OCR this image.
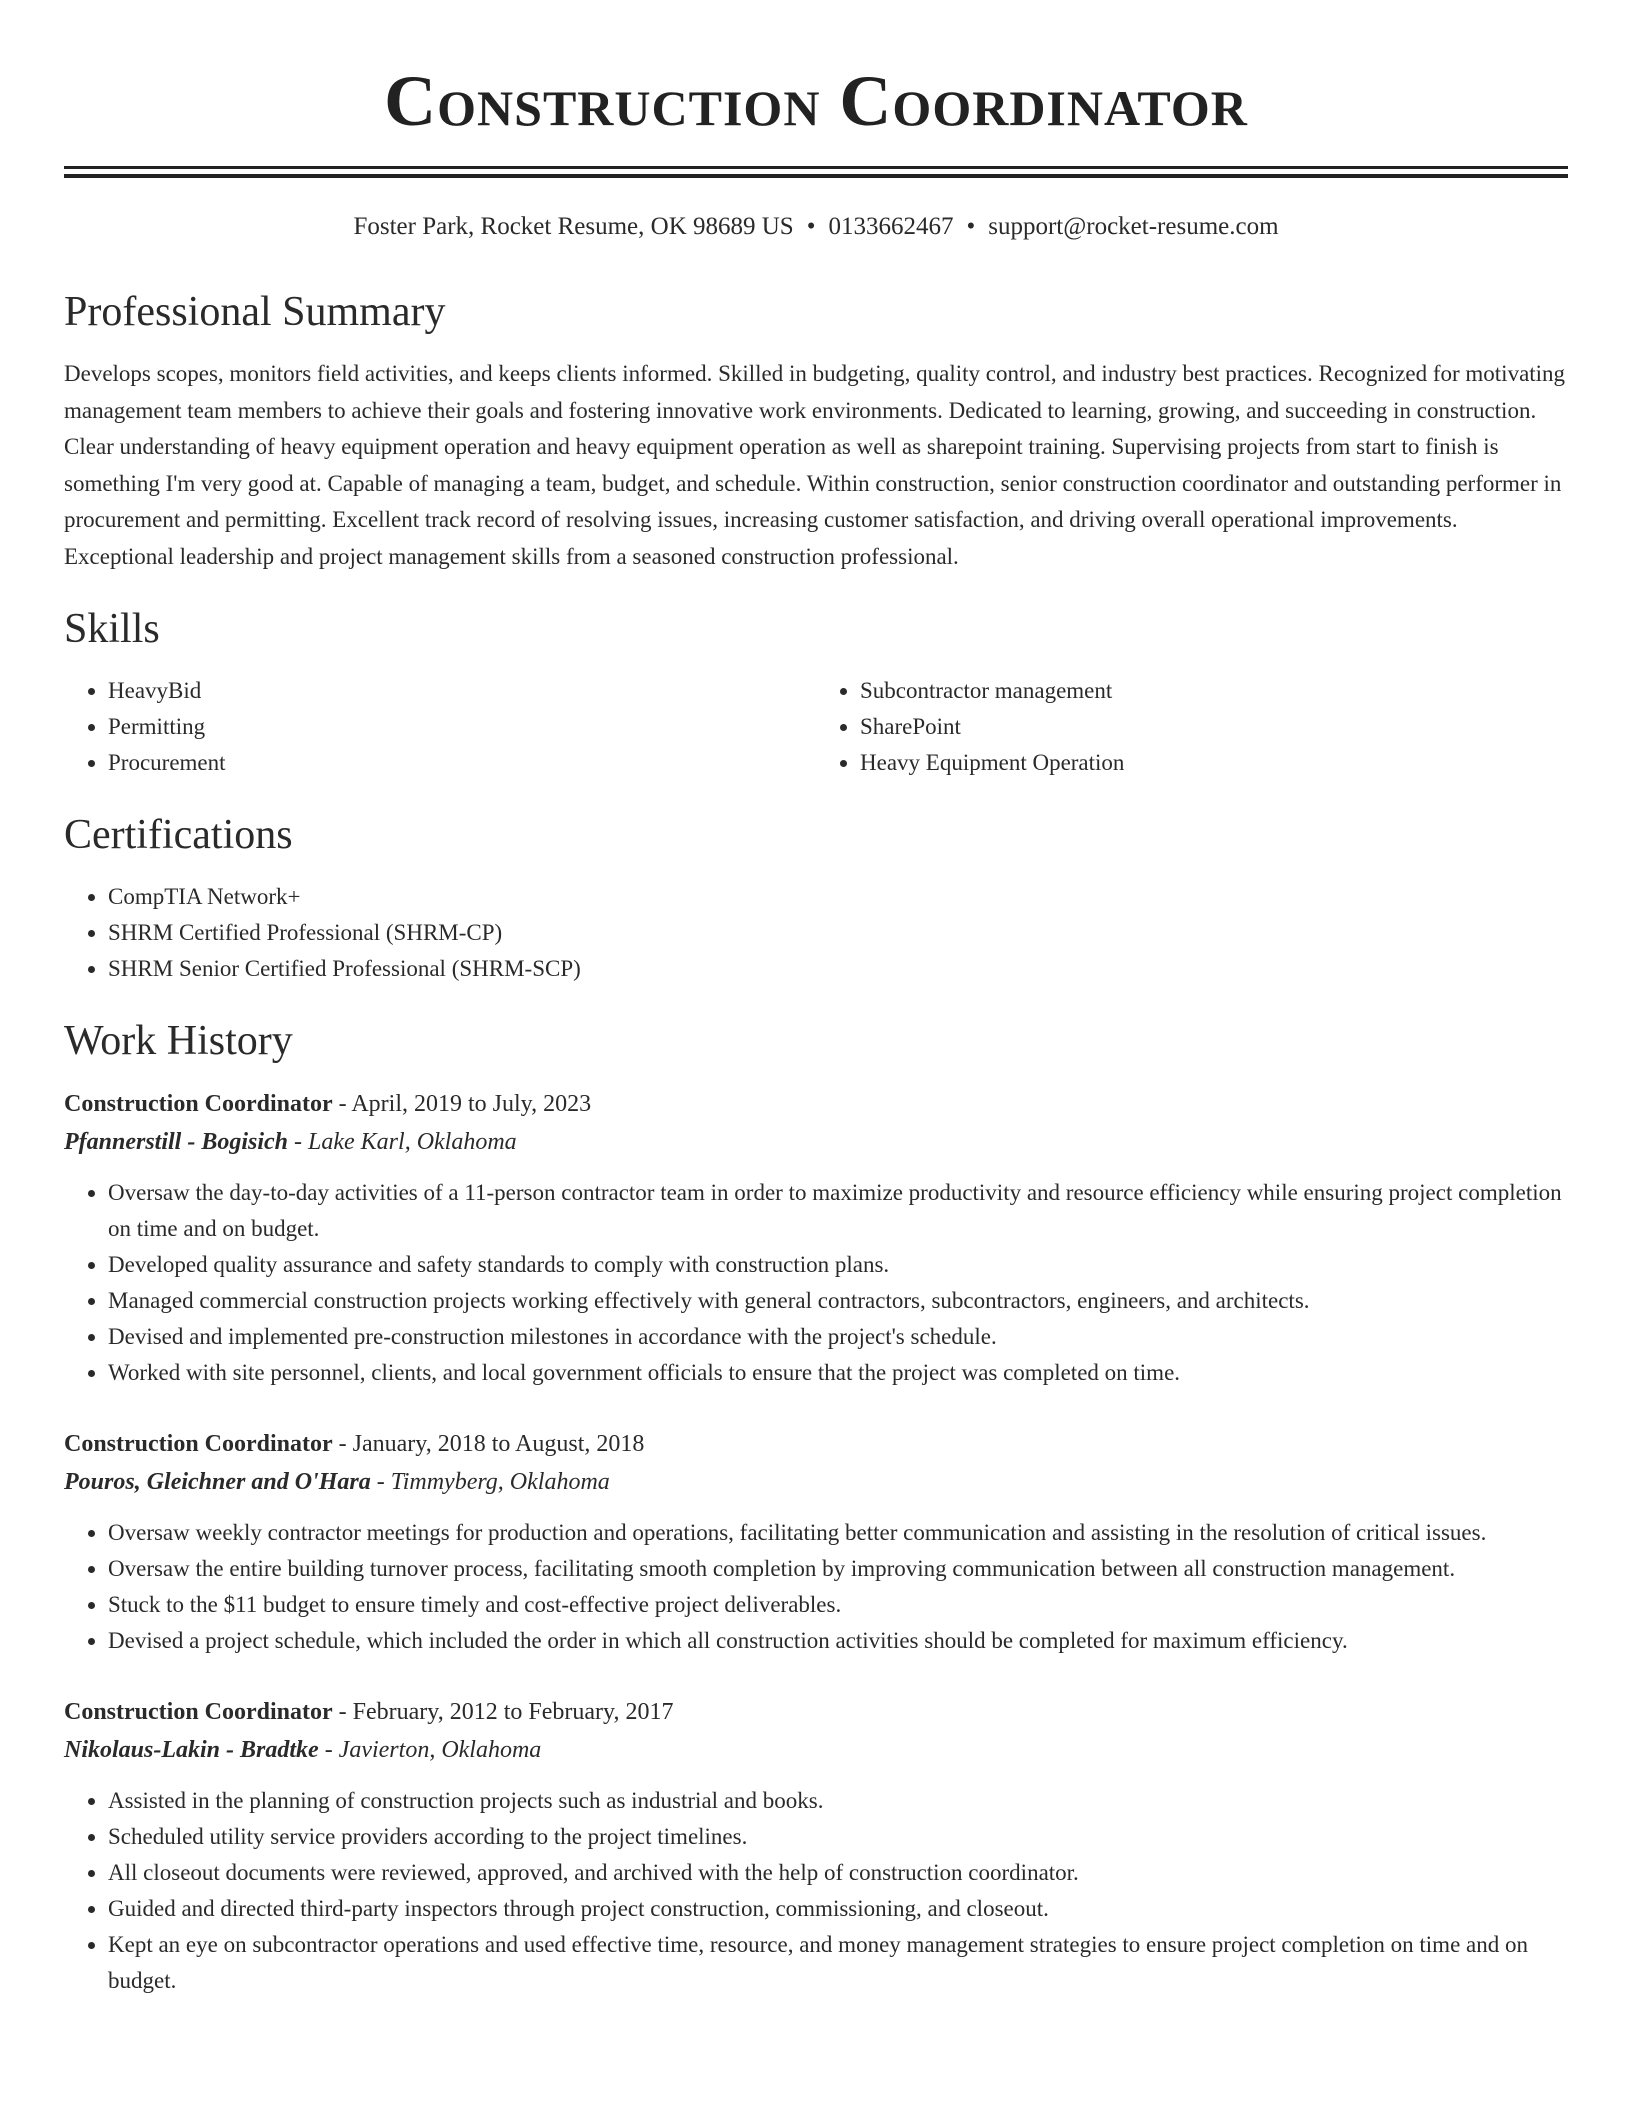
Construction Coordinator
Foster Park, Rocket Resume, OK 98689 US • 0133662467 • support@rocket-resume.com
Professional Summary

Develops scopes, monitors field activities, and keeps clients informed. Skilled in budgeting, quality control, and industry best practices. Recognized for motivating management team members to achieve their goals and fostering innovative work environments. Dedicated to learning, growing, and succeeding in construction. Clear understanding of heavy equipment operation and heavy equipment operation as well as sharepoint training. Supervising projects from start to finish is something I'm very good at. Capable of managing a team, budget, and schedule. Within construction, senior construction coordinator and outstanding performer in procurement and permitting. Excellent track record of resolving issues, increasing customer satisfaction, and driving overall operational improvements. Exceptional leadership and project management skills from a seasoned construction professional.

Skills
• HeavyBid
• Permitting
• Procurement
• Subcontractor management
• SharePoint
• Heavy Equipment Operation
Certifications
• CompTIA Network+
• SHRM Certified Professional (SHRM-CP)
• SHRM Senior Certified Professional (SHRM-SCP)
Work History
Construction Coordinator - April, 2019 to July, 2023
Pfannerstill - Bogisich - Lake Karl, Oklahoma
• Oversaw the day-to-day activities of a 11-person contractor team in order to maximize productivity and resource efficiency while ensuring project completion on time and on budget.
• Developed quality assurance and safety standards to comply with construction plans.
• Managed commercial construction projects working effectively with general contractors, subcontractors, engineers, and architects.
• Devised and implemented pre-construction milestones in accordance with the project's schedule.
• Worked with site personnel, clients, and local government officials to ensure that the project was completed on time.
Construction Coordinator - January, 2018 to August, 2018
Pouros, Gleichner and O'Hara - Timmyberg, Oklahoma
• Oversaw weekly contractor meetings for production and operations, facilitating better communication and assisting in the resolution of critical issues.
• Oversaw the entire building turnover process, facilitating smooth completion by improving communication between all construction management.
• Stuck to the $11 budget to ensure timely and cost-effective project deliverables.
• Devised a project schedule, which included the order in which all construction activities should be completed for maximum efficiency.
Construction Coordinator - February, 2012 to February, 2017
Nikolaus-Lakin - Bradtke - Javierton, Oklahoma
• Assisted in the planning of construction projects such as industrial and books.
• Scheduled utility service providers according to the project timelines.
• All closeout documents were reviewed, approved, and archived with the help of construction coordinator.
• Guided and directed third-party inspectors through project construction, commissioning, and closeout.
• Kept an eye on subcontractor operations and used effective time, resource, and money management strategies to ensure project completion on time and on budget.
